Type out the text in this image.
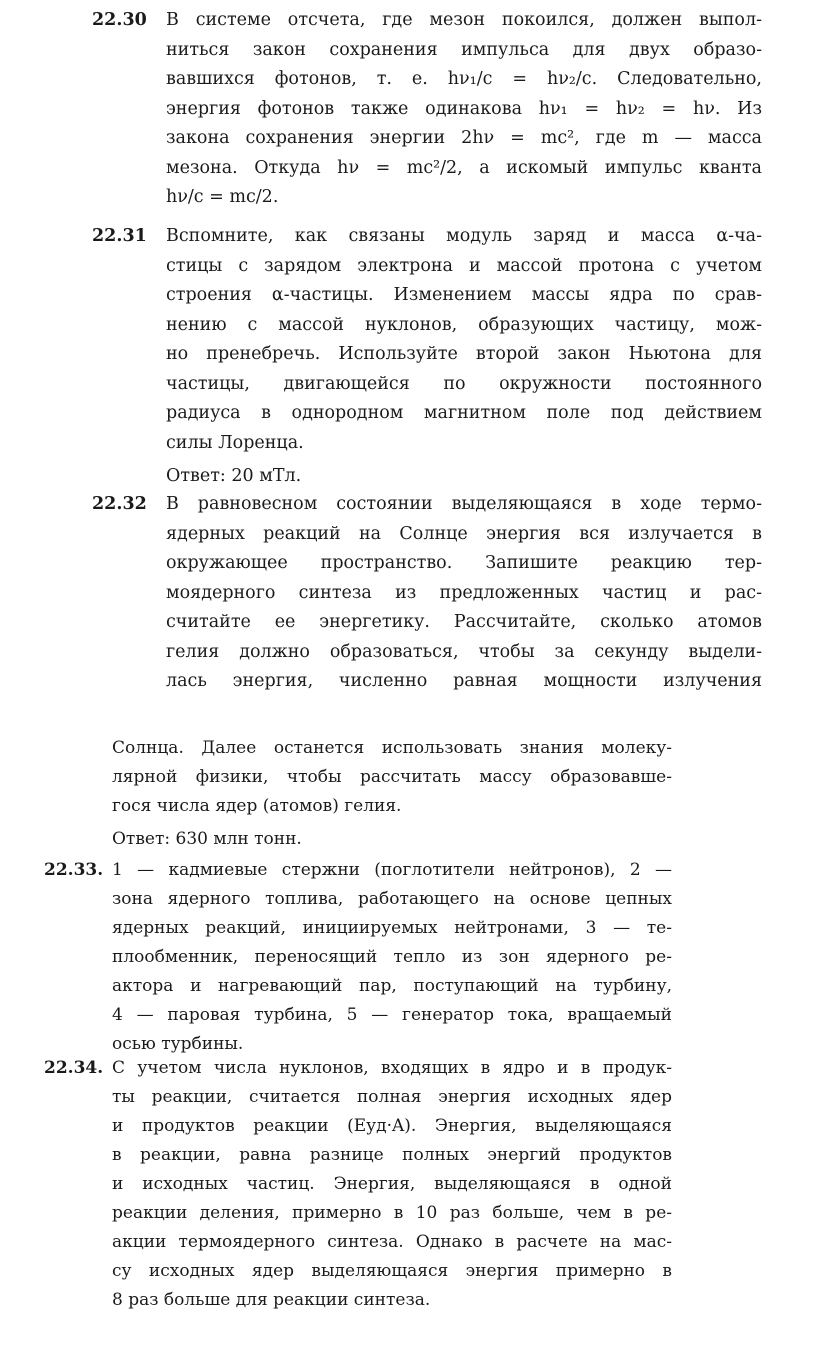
22.30 В системе отсчета, где мезон покоился, должен выпол-
ниться закон сохранения импульса для двух образо-
вавшихся фотонов, т. е. hν₁/c = hν₂/c. Следовательно,
энергия фотонов также одинакова hν₁ = hν₂ = hν. Из
закона сохранения энергии 2hν = mc², где m — масса
мезона. Откуда hν = mc²/2, а искомый импульс кванта
hν/c = mc/2.
22.31 Вспомните, как связаны модуль заряд и масса α-ча-
стицы с зарядом электрона и массой протона с учетом
строения α-частицы. Изменением массы ядра по срав-
нению с массой нуклонов, образующих частицу, мож-
но пренебречь. Используйте второй закон Ньютона для
частицы, двигающейся по окружности постоянного
радиуса в однородном магнитном поле под действием
силы Лоренца.
Ответ: 20 мТл.
22.32 В равновесном состоянии выделяющаяся в ходе термо-
ядерных реакций на Солнце энергия вся излучается в
окружающее пространство. Запишите реакцию тер-
моядерного синтеза из предложенных частиц и рас-
считайте ее энергетику. Рассчитайте, сколько атомов
гелия должно образоваться, чтобы за секунду выдели-
лась энергия, численно равная мощности излучения
Солнца. Далее останется использовать знания молеку-
лярной физики, чтобы рассчитать массу образовавше-
гося числа ядер (атомов) гелия.
Ответ: 630 млн тонн.
22.33. 1 — кадмиевые стержни (поглотители нейтронов), 2 —
зона ядерного топлива, работающего на основе цепных
ядерных реакций, инициируемых нейтронами, 3 — те-
плообменник, переносящий тепло из зон ядерного ре-
актора и нагревающий пар, поступающий на турбину,
4 — паровая турбина, 5 — генератор тока, вращаемый
осью турбины.
22.34. С учетом числа нуклонов, входящих в ядро и в продук-
ты реакции, считается полная энергия исходных ядер
и продуктов реакции (Eуд·A). Энергия, выделяющаяся
в реакции, равна разнице полных энергий продуктов
и исходных частиц. Энергия, выделяющаяся в одной
реакции деления, примерно в 10 раз больше, чем в ре-
акции термоядерного синтеза. Однако в расчете на мас-
су исходных ядер выделяющаяся энергия примерно в
8 раз больше для реакции синтеза.
